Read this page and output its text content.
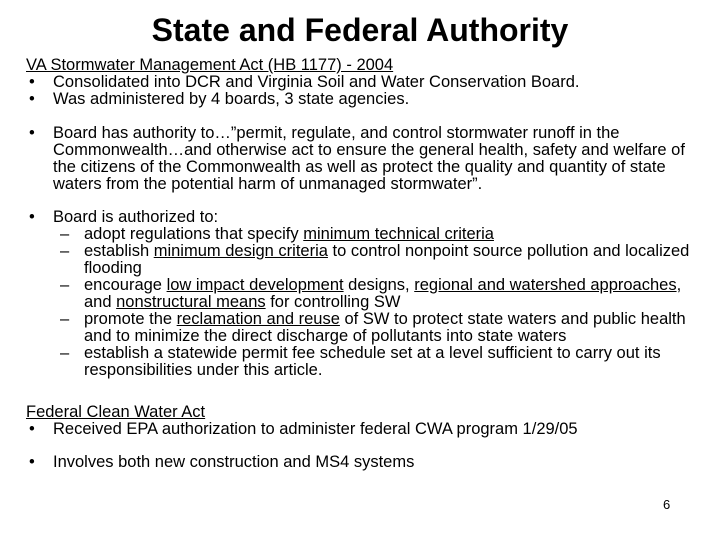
State and Federal Authority
VA Stormwater Management Act (HB 1177) - 2004
• Consolidated into DCR and Virginia Soil and Water Conservation Board.
• Was administered by 4 boards, 3 state agencies.
• Board has authority to…”permit, regulate, and control stormwater runoff in the Commonwealth…and otherwise act to ensure the general health, safety and welfare of the citizens of the Commonwealth as well as protect the quality and quantity of state waters from the potential harm of unmanaged stormwater”.
• Board is authorized to:
– adopt regulations that specify minimum technical criteria
– establish minimum design criteria to control nonpoint source pollution and localized flooding
– encourage low impact development designs, regional and watershed approaches, and nonstructural means for controlling SW
– promote the reclamation and reuse of SW to protect state waters and public health and to minimize the direct discharge of pollutants into state waters
– establish a statewide permit fee schedule set at a level sufficient to carry out its responsibilities under this article.
Federal Clean Water Act
• Received EPA authorization to administer federal CWA program 1/29/05
• Involves both new construction and MS4 systems
6
